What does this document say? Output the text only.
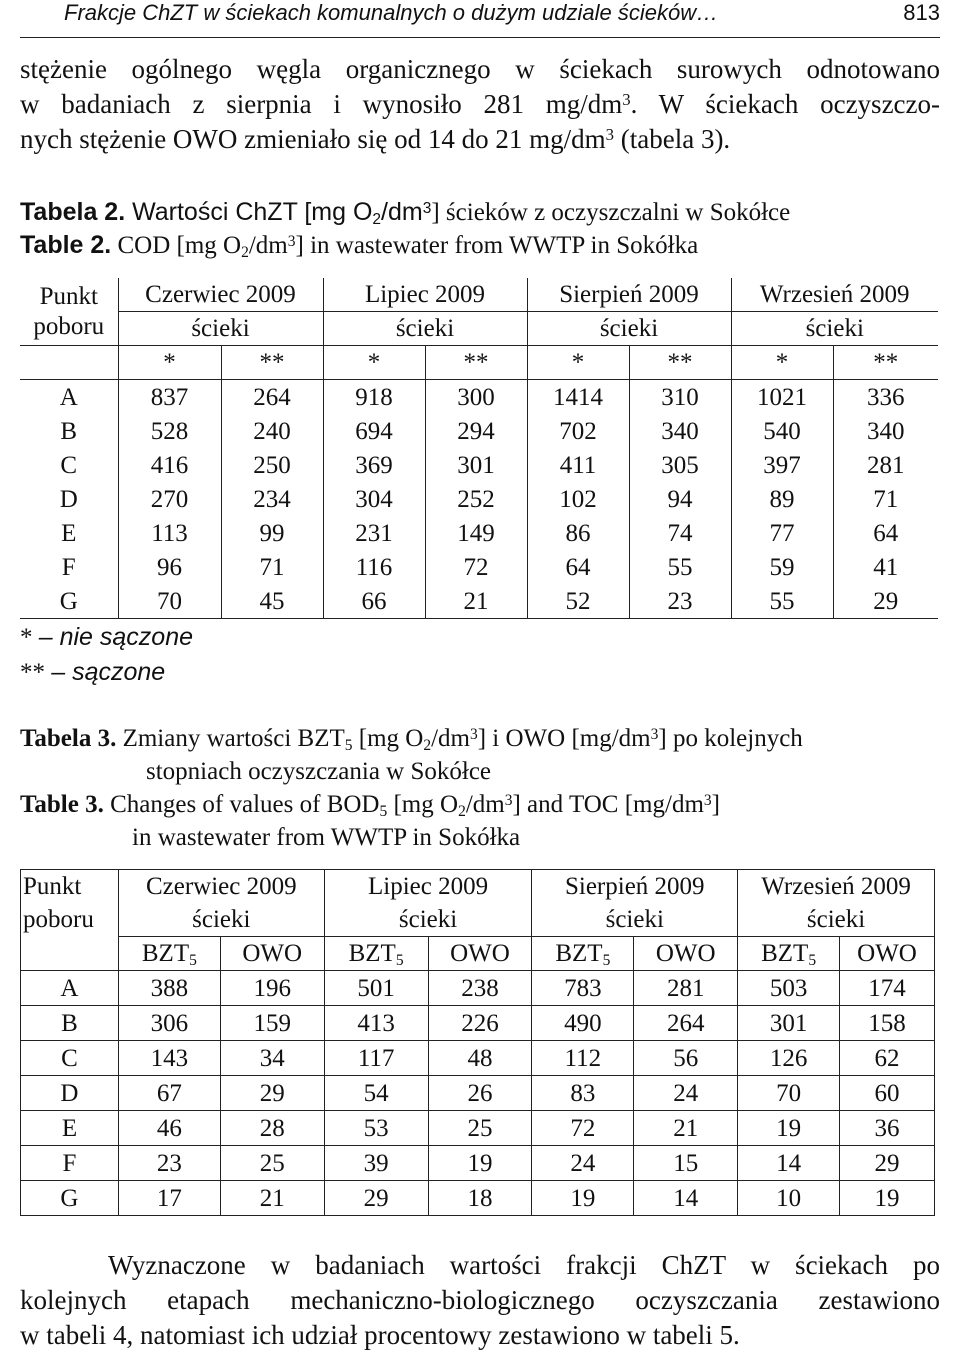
Frakcje ChZT w ściekach komunalnych o dużym udziale ścieków…	813
stężenie ogólnego węgla organicznego w ściekach surowych odnotowano
w badaniach z sierpnia i wynosiło 281 $mg/dm^3$. W ściekach oczyszczo-
nych stężenie OWO zmieniało się od 14 do 21 $mg/dm^3$ (tabela 3).
Tabela 2. Wartości ChZT [mg $O_2/dm^3$] ścieków z oczyszczalni w Sokółce
Table 2. COD [mg $O_2/dm^3$] in wastewater from WWTP in Sokółka
Punkt
poboru	Czerwiec 2009		Lipiec 2009		Sierpień 2009		Wrzesień 2009	
	ścieki		ścieki		ścieki		ścieki	
	*	**	*	**	*	**	*	**
A	837	264	918	300	1414	310	1021	336
B	528	240	694	294	702	340	540	340
C	416	250	369	301	411	305	397	281
D	270	234	304	252	102	94	89	71
E	113	99	231	149	86	74	77	64
F	96	71	116	72	64	55	59	41
G	70	45	66	21	52	23	55	29
* – nie sączone
** – sączone
Tabela 3. Zmiany wartości $BZT_5$ [mg $O_2/dm^3$] i OWO $[mg/dm^3]$ po kolejnych
stopniach oczyszczania w Sokółce
Table 3. Changes of values of $BOD_5$ [mg $O_2/dm^3$] and TOC $[mg/dm^3]$
in wastewater from WWTP in Sokółka
Punkt	Czerwiec 2009		Lipiec 2009		Sierpień 2009		Wrzesień 2009	
poboru	ścieki		ścieki		ścieki		ścieki	
	$BZT_5$	OWO	$BZT_5$	OWO	$BZT_5$	OWO	$BZT_5$	OWO
A	388	196	501	238	783	281	503	174
B	306	159	413	226	490	264	301	158
C	143	34	117	48	112	56	126	62
D	67	29	54	26	83	24	70	60
E	46	28	53	25	72	21	19	36
F	23	25	39	19	24	15	14	29
G	17	21	29	18	19	14	10	19
Wyznaczone w badaniach wartości frakcji ChZT w ściekach po
kolejnych etapach mechaniczno-biologicznego oczyszczania zestawiono
w tabeli 4, natomiast ich udział procentowy zestawiono w tabeli 5.
